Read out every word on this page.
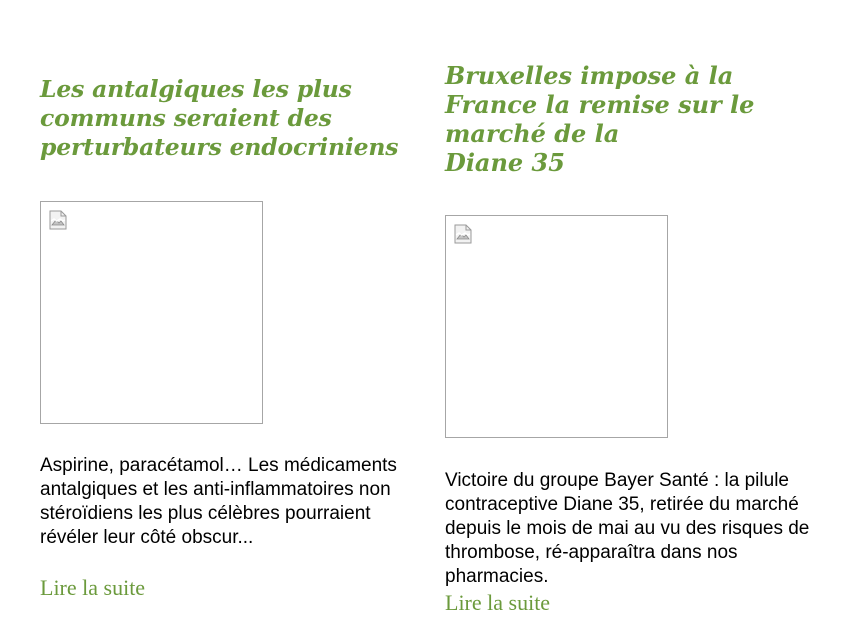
Les antalgiques les plus
communs seraient des
perturbateurs endocriniens

Aspirine, paracétamol… Les médicaments antalgiques et les anti-inflammatoires non stéroïdiens les plus célèbres pourraient révéler leur côté obscur...

Lire la suite
Bruxelles impose à la
France la remise sur le
marché de la
Diane 35

Victoire du groupe Bayer Santé : la pilule contraceptive Diane 35, retirée du marché depuis le mois de mai au vu des risques de thrombose, ré-apparaîtra dans nos pharmacies.

Lire la suite
